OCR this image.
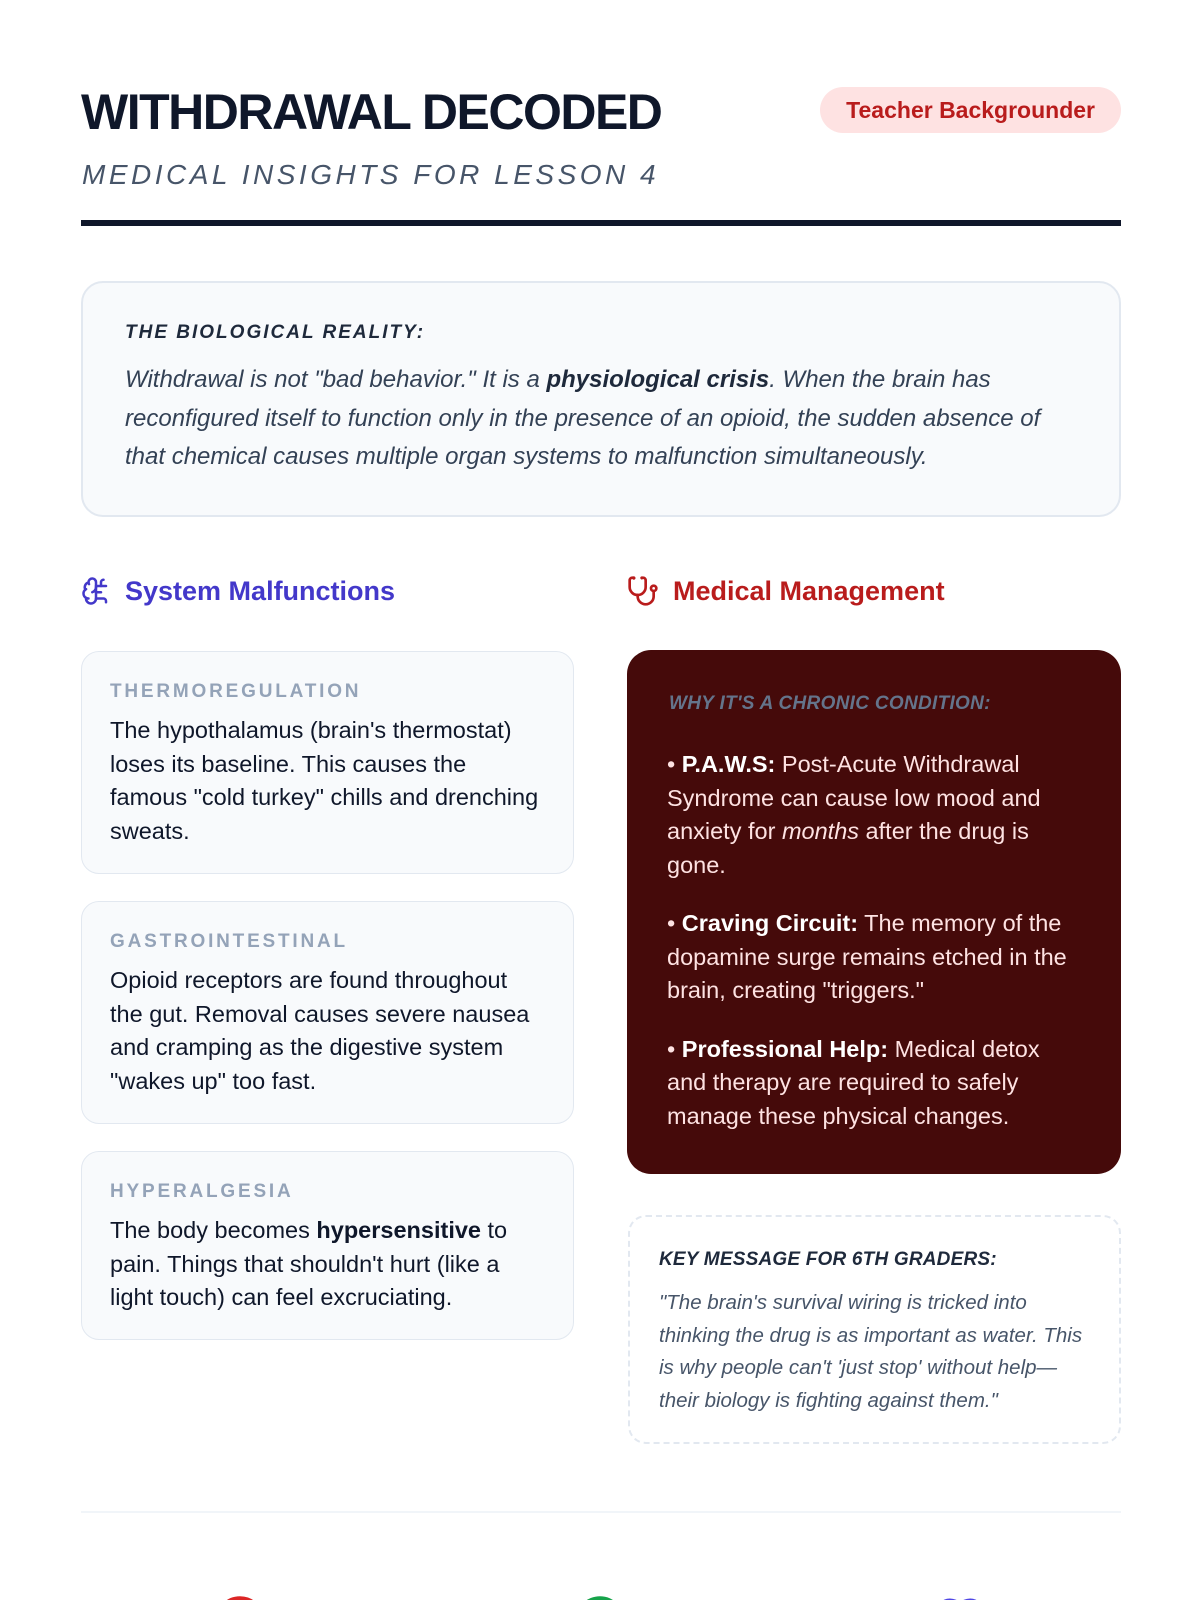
WITHDRAWAL DECODED
MEDICAL INSIGHTS FOR LESSON 4
Teacher Backgrounder
THE BIOLOGICAL REALITY:

Withdrawal is not "bad behavior." It is a physiological crisis. When the brain has reconfigured itself to function only in the presence of an opioid, the sudden absence of that chemical causes multiple organ systems to malfunction simultaneously.

System Malfunctions	Medical Management
THERMOREGULATION

The hypothalamus (brain's thermostat) loses its baseline. This causes the famous "cold turkey" chills and drenching sweats.

GASTROINTESTINAL

Opioid receptors are found throughout the gut. Removal causes severe nausea and cramping as the digestive system "wakes up" too fast.

HYPERALGESIA

The body becomes hypersensitive to pain. Things that shouldn't hurt (like a light touch) can feel excruciating.

WHY IT'S A CHRONIC CONDITION:

• P.A.W.S: Post-Acute Withdrawal Syndrome can cause low mood and anxiety for months after the drug is gone.

• Craving Circuit: The memory of the dopamine surge remains etched in the brain, creating "triggers."

• Professional Help: Medical detox and therapy are required to safely manage these physical changes.

KEY MESSAGE FOR 6TH GRADERS:

"The brain's survival wiring is tricked into thinking the drug is as important as water. This is why people can't 'just stop' without help—their biology is fighting against them."
